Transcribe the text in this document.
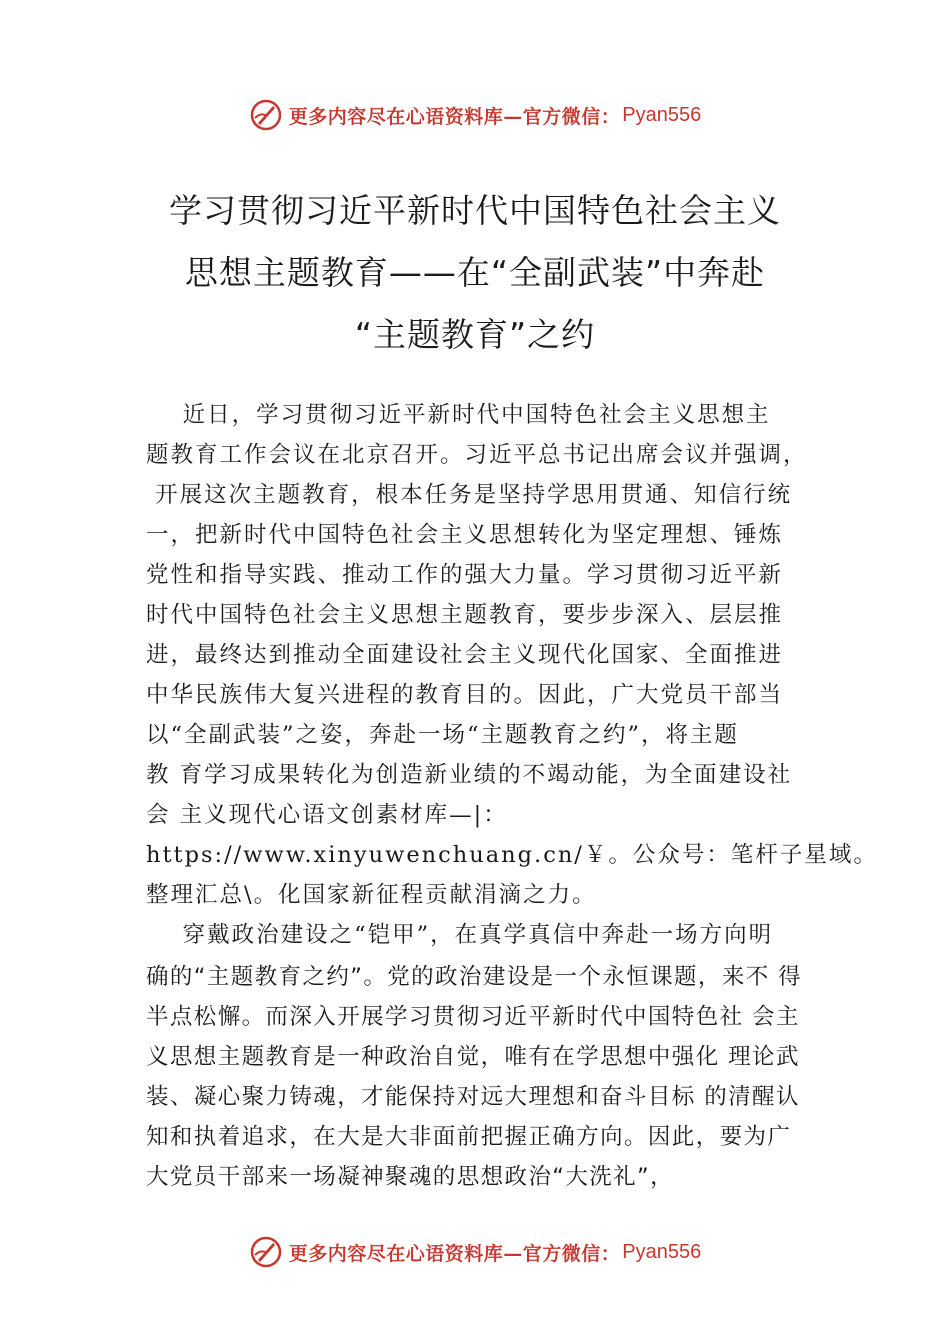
更多内容尽在心语资料库—官方微信： Pyan556
学习贯彻习近平新时代中国特色社会主义
思想主题教育——在“全副武装”中奔赴
“主题教育”之约
近日，学习贯彻习近平新时代中国特色社会主义思想主
题教育工作会议在北京召开。习近平总书记出席会议并强调，
开展这次主题教育，根本任务是坚持学思用贯通、知信行统
一，把新时代中国特色社会主义思想转化为坚定理想、锤炼
党性和指导实践、推动工作的强大力量。学习贯彻习近平新
时代中国特色社会主义思想主题教育，要步步深入、层层推
进，最终达到推动全面建设社会主义现代化国家、全面推进
中华民族伟大复兴进程的教育目的。因此，广大党员干部当
以“全副武装”之姿，奔赴一场“主题教育之约”，将主题
教 育学习成果转化为创造新业绩的不竭动能，为全面建设社
会 主义现代心语文创素材库—|：
https://www.xinyuwenchuang.cn/￥。公众号：笔杆子星域。
整理汇总\。化国家新征程贡献涓滴之力。
穿戴政治建设之“铠甲”，在真学真信中奔赴一场方向明
确的“主题教育之约”。党的政治建设是一个永恒课题，来不 得
半点松懈。而深入开展学习贯彻习近平新时代中国特色社 会主
义思想主题教育是一种政治自觉，唯有在学思想中强化 理论武
装、凝心聚力铸魂，才能保持对远大理想和奋斗目标 的清醒认
知和执着追求，在大是大非面前把握正确方向。因此，要为广
大党员干部来一场凝神聚魂的思想政治“大洗礼”，
更多内容尽在心语资料库—官方微信： Pyan556
